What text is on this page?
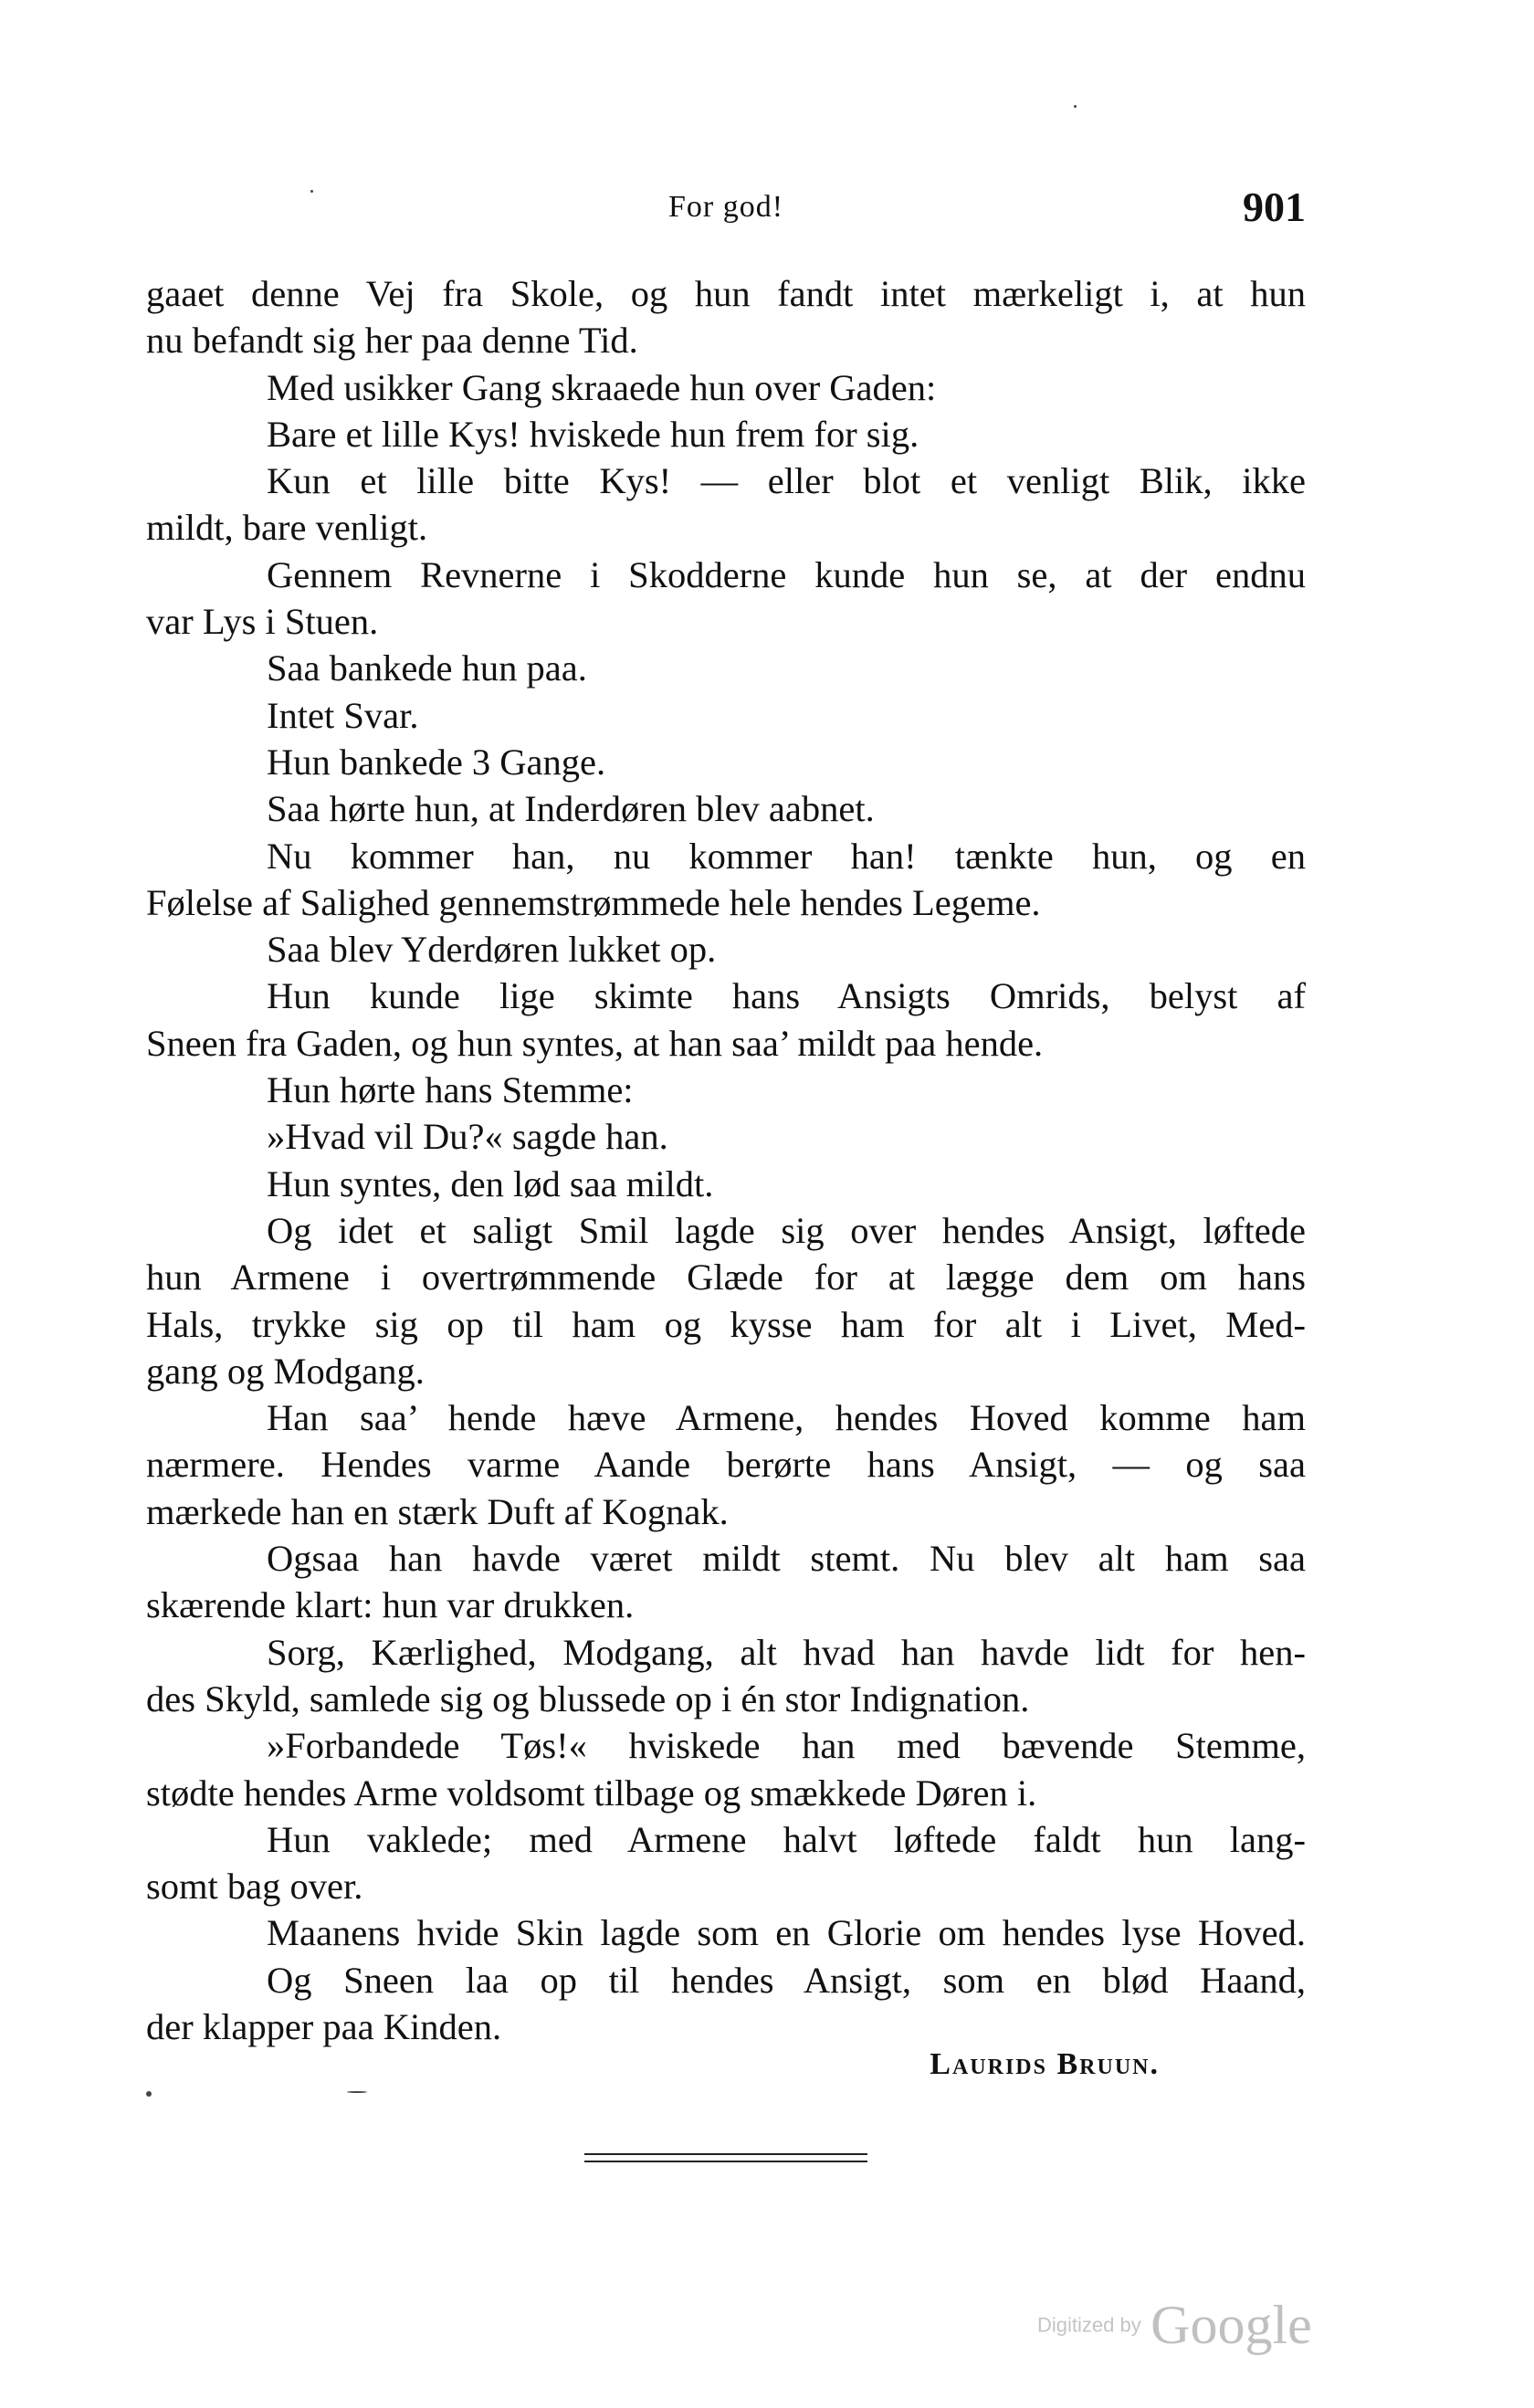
For god!	901
gaaet denne Vej fra Skole, og hun fandt intet mærkeligt i, at hun
nu befandt sig her paa denne Tid.
Med usikker Gang skraaede hun over Gaden:
Bare et lille Kys! hviskede hun frem for sig.
Kun et lille bitte Kys! — eller blot et venligt Blik, ikke
mildt, bare venligt.
Gennem Revnerne i Skodderne kunde hun se, at der endnu
var Lys i Stuen.
Saa bankede hun paa.
Intet Svar.
Hun bankede 3 Gange.
Saa hørte hun, at Inderdøren blev aabnet.
Nu kommer han, nu kommer han! tænkte hun, og en
Følelse af Salighed gennemstrømmede hele hendes Legeme.
Saa blev Yderdøren lukket op.
Hun kunde lige skimte hans Ansigts Omrids, belyst af
Sneen fra Gaden, og hun syntes, at han saa’ mildt paa hende.
Hun hørte hans Stemme:
»Hvad vil Du?« sagde han.
Hun syntes, den lød saa mildt.
Og idet et saligt Smil lagde sig over hendes Ansigt, løftede
hun Armene i overtrømmende Glæde for at lægge dem om hans
Hals, trykke sig op til ham og kysse ham for alt i Livet, Med-
gang og Modgang.
Han saa’ hende hæve Armene, hendes Hoved komme ham
nærmere. Hendes varme Aande berørte hans Ansigt, — og saa
mærkede han en stærk Duft af Kognak.
Ogsaa han havde været mildt stemt. Nu blev alt ham saa
skærende klart: hun var drukken.
Sorg, Kærlighed, Modgang, alt hvad han havde lidt for hen-
des Skyld, samlede sig og blussede op i én stor Indignation.
»Forbandede Tøs!« hviskede han med bævende Stemme,
stødte hendes Arme voldsomt tilbage og smækkede Døren i.
Hun vaklede; med Armene halvt løftede faldt hun lang-
somt bag over.
Maanens hvide Skin lagde som en Glorie om hendes lyse Hoved.
Og Sneen laa op til hendes Ansigt, som en blød Haand,
der klapper paa Kinden.
Laurids Bruun.
Digitized by Google
